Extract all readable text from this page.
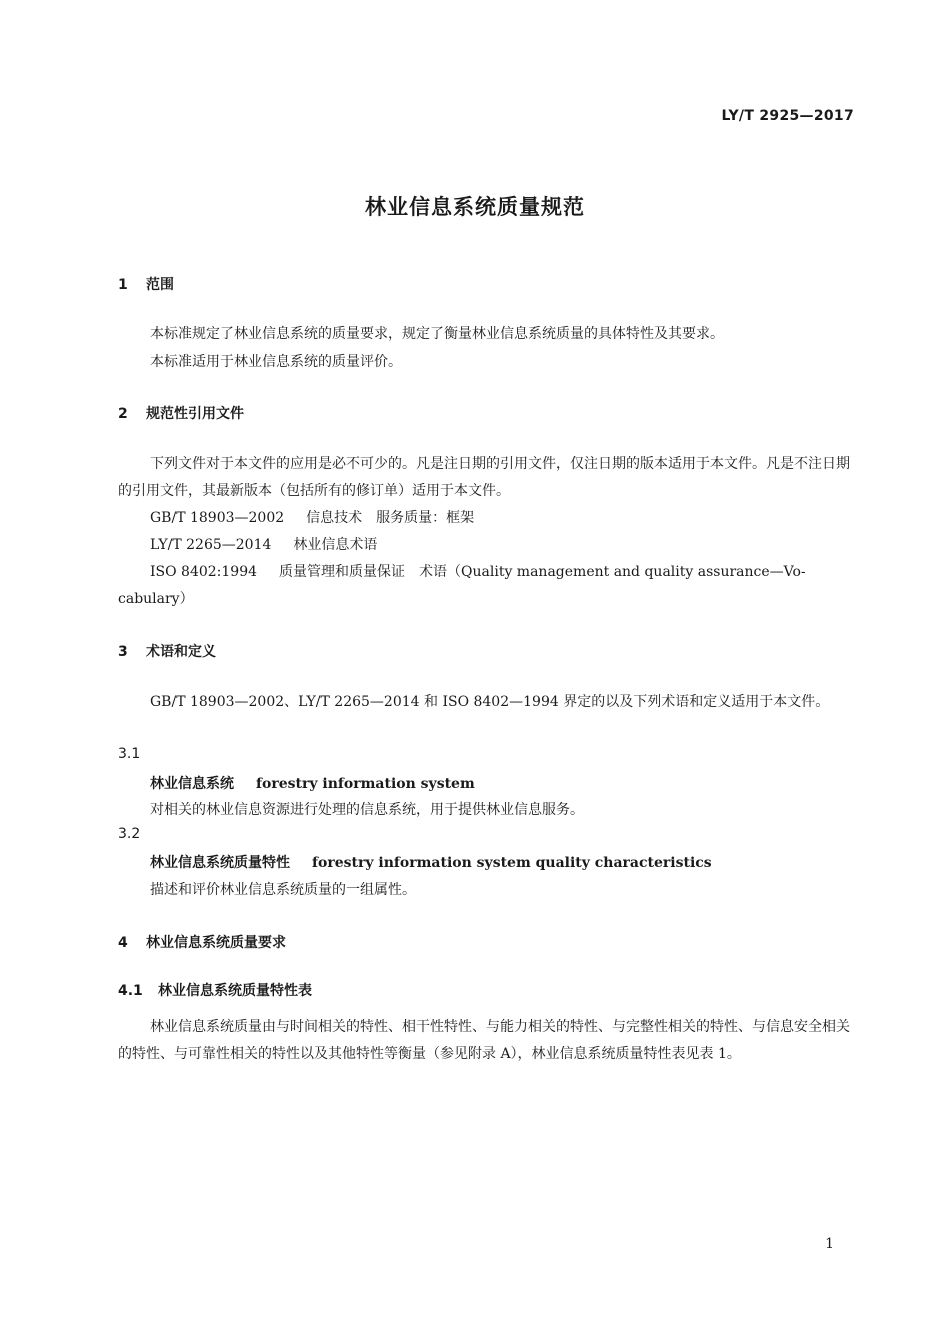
LY/T 2925—2017
林业信息系统质量规范
1 范围
本标准规定了林业信息系统的质量要求，规定了衡量林业信息系统质量的具体特性及其要求。
本标准适用于林业信息系统的质量评价。
2 规范性引用文件
下列文件对于本文件的应用是必不可少的。凡是注日期的引用文件，仅注日期的版本适用于本文件。凡是不注日期的引用文件，其最新版本（包括所有的修订单）适用于本文件。
GB/T 18903—2002 信息技术　服务质量：框架
LY/T 2265—2014 林业信息术语
ISO 8402:1994 质量管理和质量保证　术语（Quality management and quality assurance—Vo-
cabulary）
3 术语和定义
GB/T 18903—2002、LY/T 2265—2014 和 ISO 8402—1994 界定的以及下列术语和定义适用于本文件。
3.1
林业信息系统 forestry information system
对相关的林业信息资源进行处理的信息系统，用于提供林业信息服务。
3.2
林业信息系统质量特性 forestry information system quality characteristics
描述和评价林业信息系统质量的一组属性。
4 林业信息系统质量要求
4.1 林业信息系统质量特性表
林业信息系统质量由与时间相关的特性、相干性特性、与能力相关的特性、与完整性相关的特性、与信息安全相关的特性、与可靠性相关的特性以及其他特性等衡量（参见附录 A），林业信息系统质量特性表见表 1。
1
